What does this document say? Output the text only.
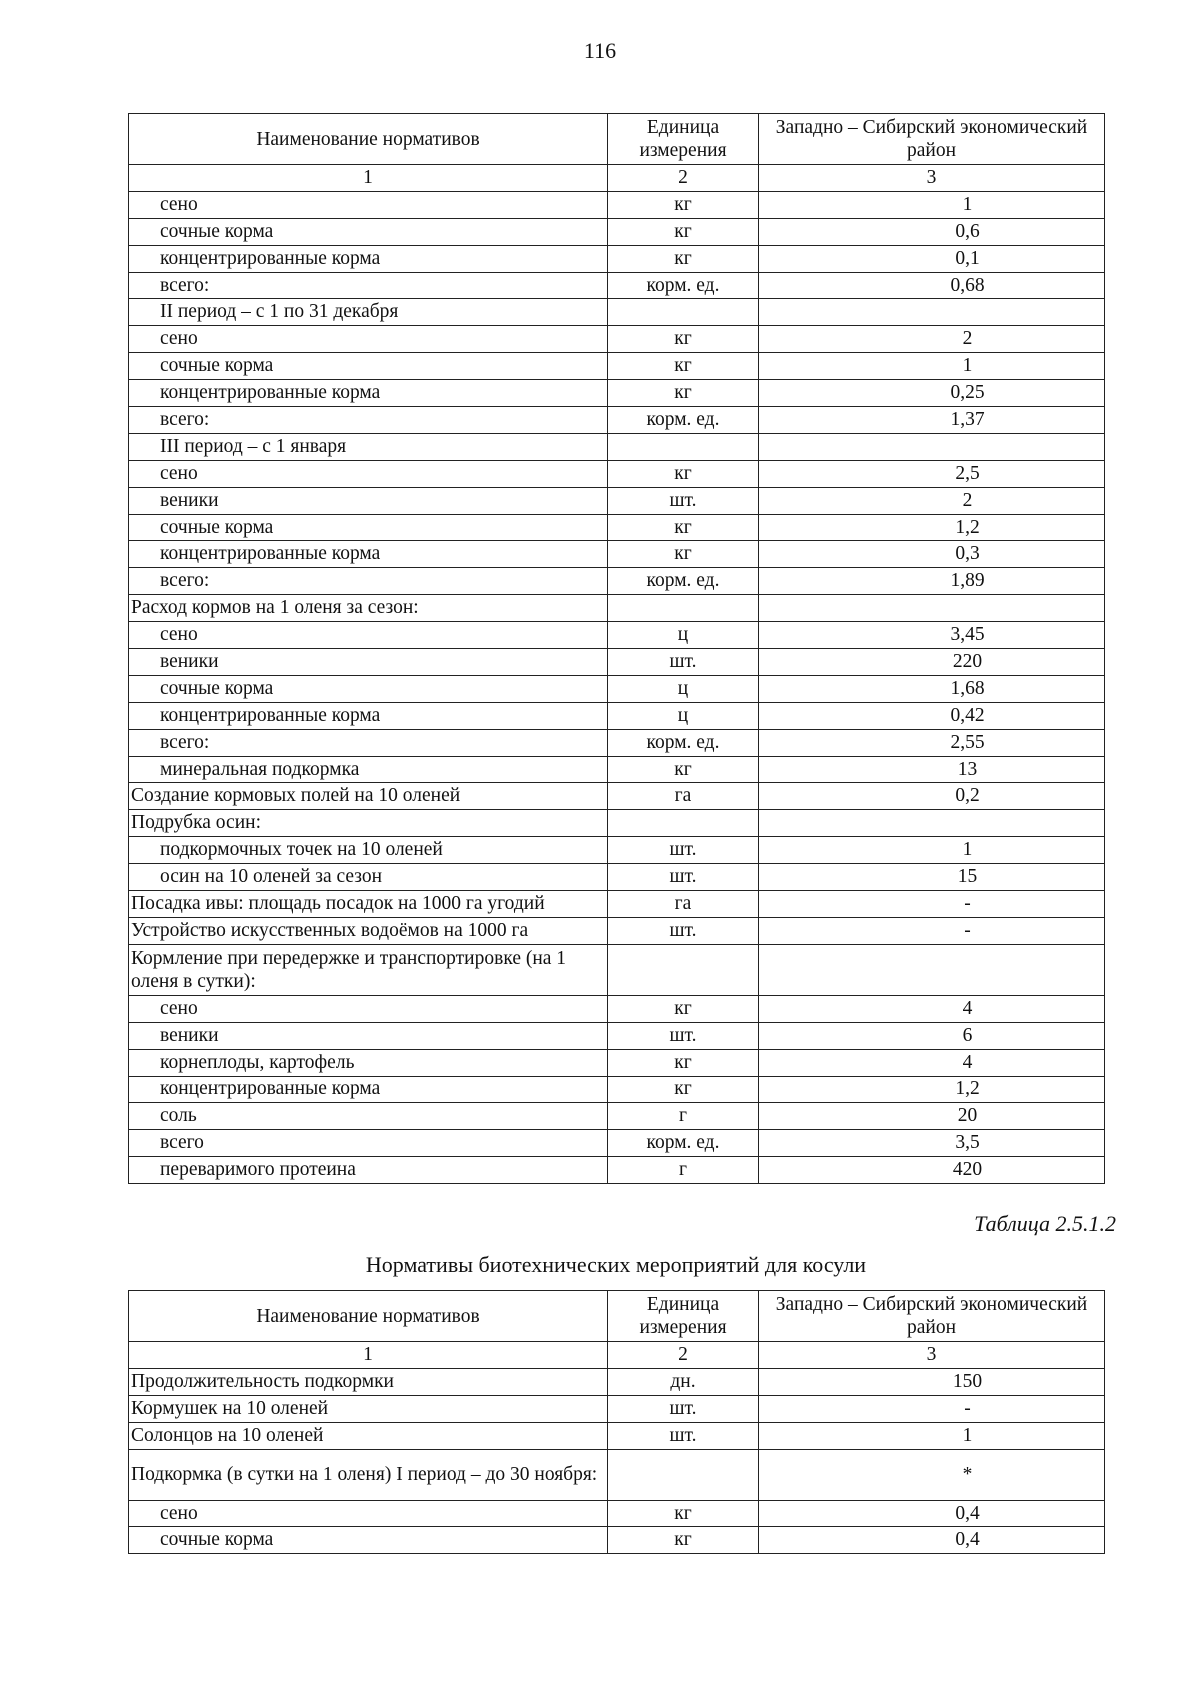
116
Наименование нормативов	Единица измерения	Западно – Сибирский экономический район
1	2	3
сено	кг	1
сочные корма	кг	0,6
концентрированные корма	кг	0,1
всего:	корм. ед.	0,68
II период – с 1 по 31 декабря		
сено	кг	2
сочные корма	кг	1
концентрированные корма	кг	0,25
всего:	корм. ед.	1,37
III период – с 1 января		
сено	кг	2,5
веники	шт.	2
сочные корма	кг	1,2
концентрированные корма	кг	0,3
всего:	корм. ед.	1,89
Расход кормов на 1 оленя за сезон:		
сено	ц	3,45
веники	шт.	220
сочные корма	ц	1,68
концентрированные корма	ц	0,42
всего:	корм. ед.	2,55
минеральная подкормка	кг	13
Создание кормовых полей на 10 оленей	га	0,2
Подрубка осин:		
подкормочных точек на 10 оленей	шт.	1
осин на 10 оленей за сезон	шт.	15
Посадка ивы: площадь посадок на 1000 га угодий	га	-
Устройство искусственных водоёмов на 1000 га	шт.	-
Кормление при передержке и транспортировке (на 1 оленя в сутки):		
сено	кг	4
веники	шт.	6
корнеплоды, картофель	кг	4
концентрированные корма	кг	1,2
соль	г	20
всего	корм. ед.	3,5
переваримого протеина	г	420
Таблица 2.5.1.2
Нормативы биотехнических мероприятий для косули
Наименование нормативов	Единица измерения	Западно – Сибирский экономический район
1	2	3
Продолжительность подкормки	дн.	150
Кормушек на 10 оленей	шт.	-
Солонцов на 10 оленей	шт.	1
Подкормка (в сутки на 1 оленя) I период – до 30 ноября:		*
сено	кг	0,4
сочные корма	кг	0,4
